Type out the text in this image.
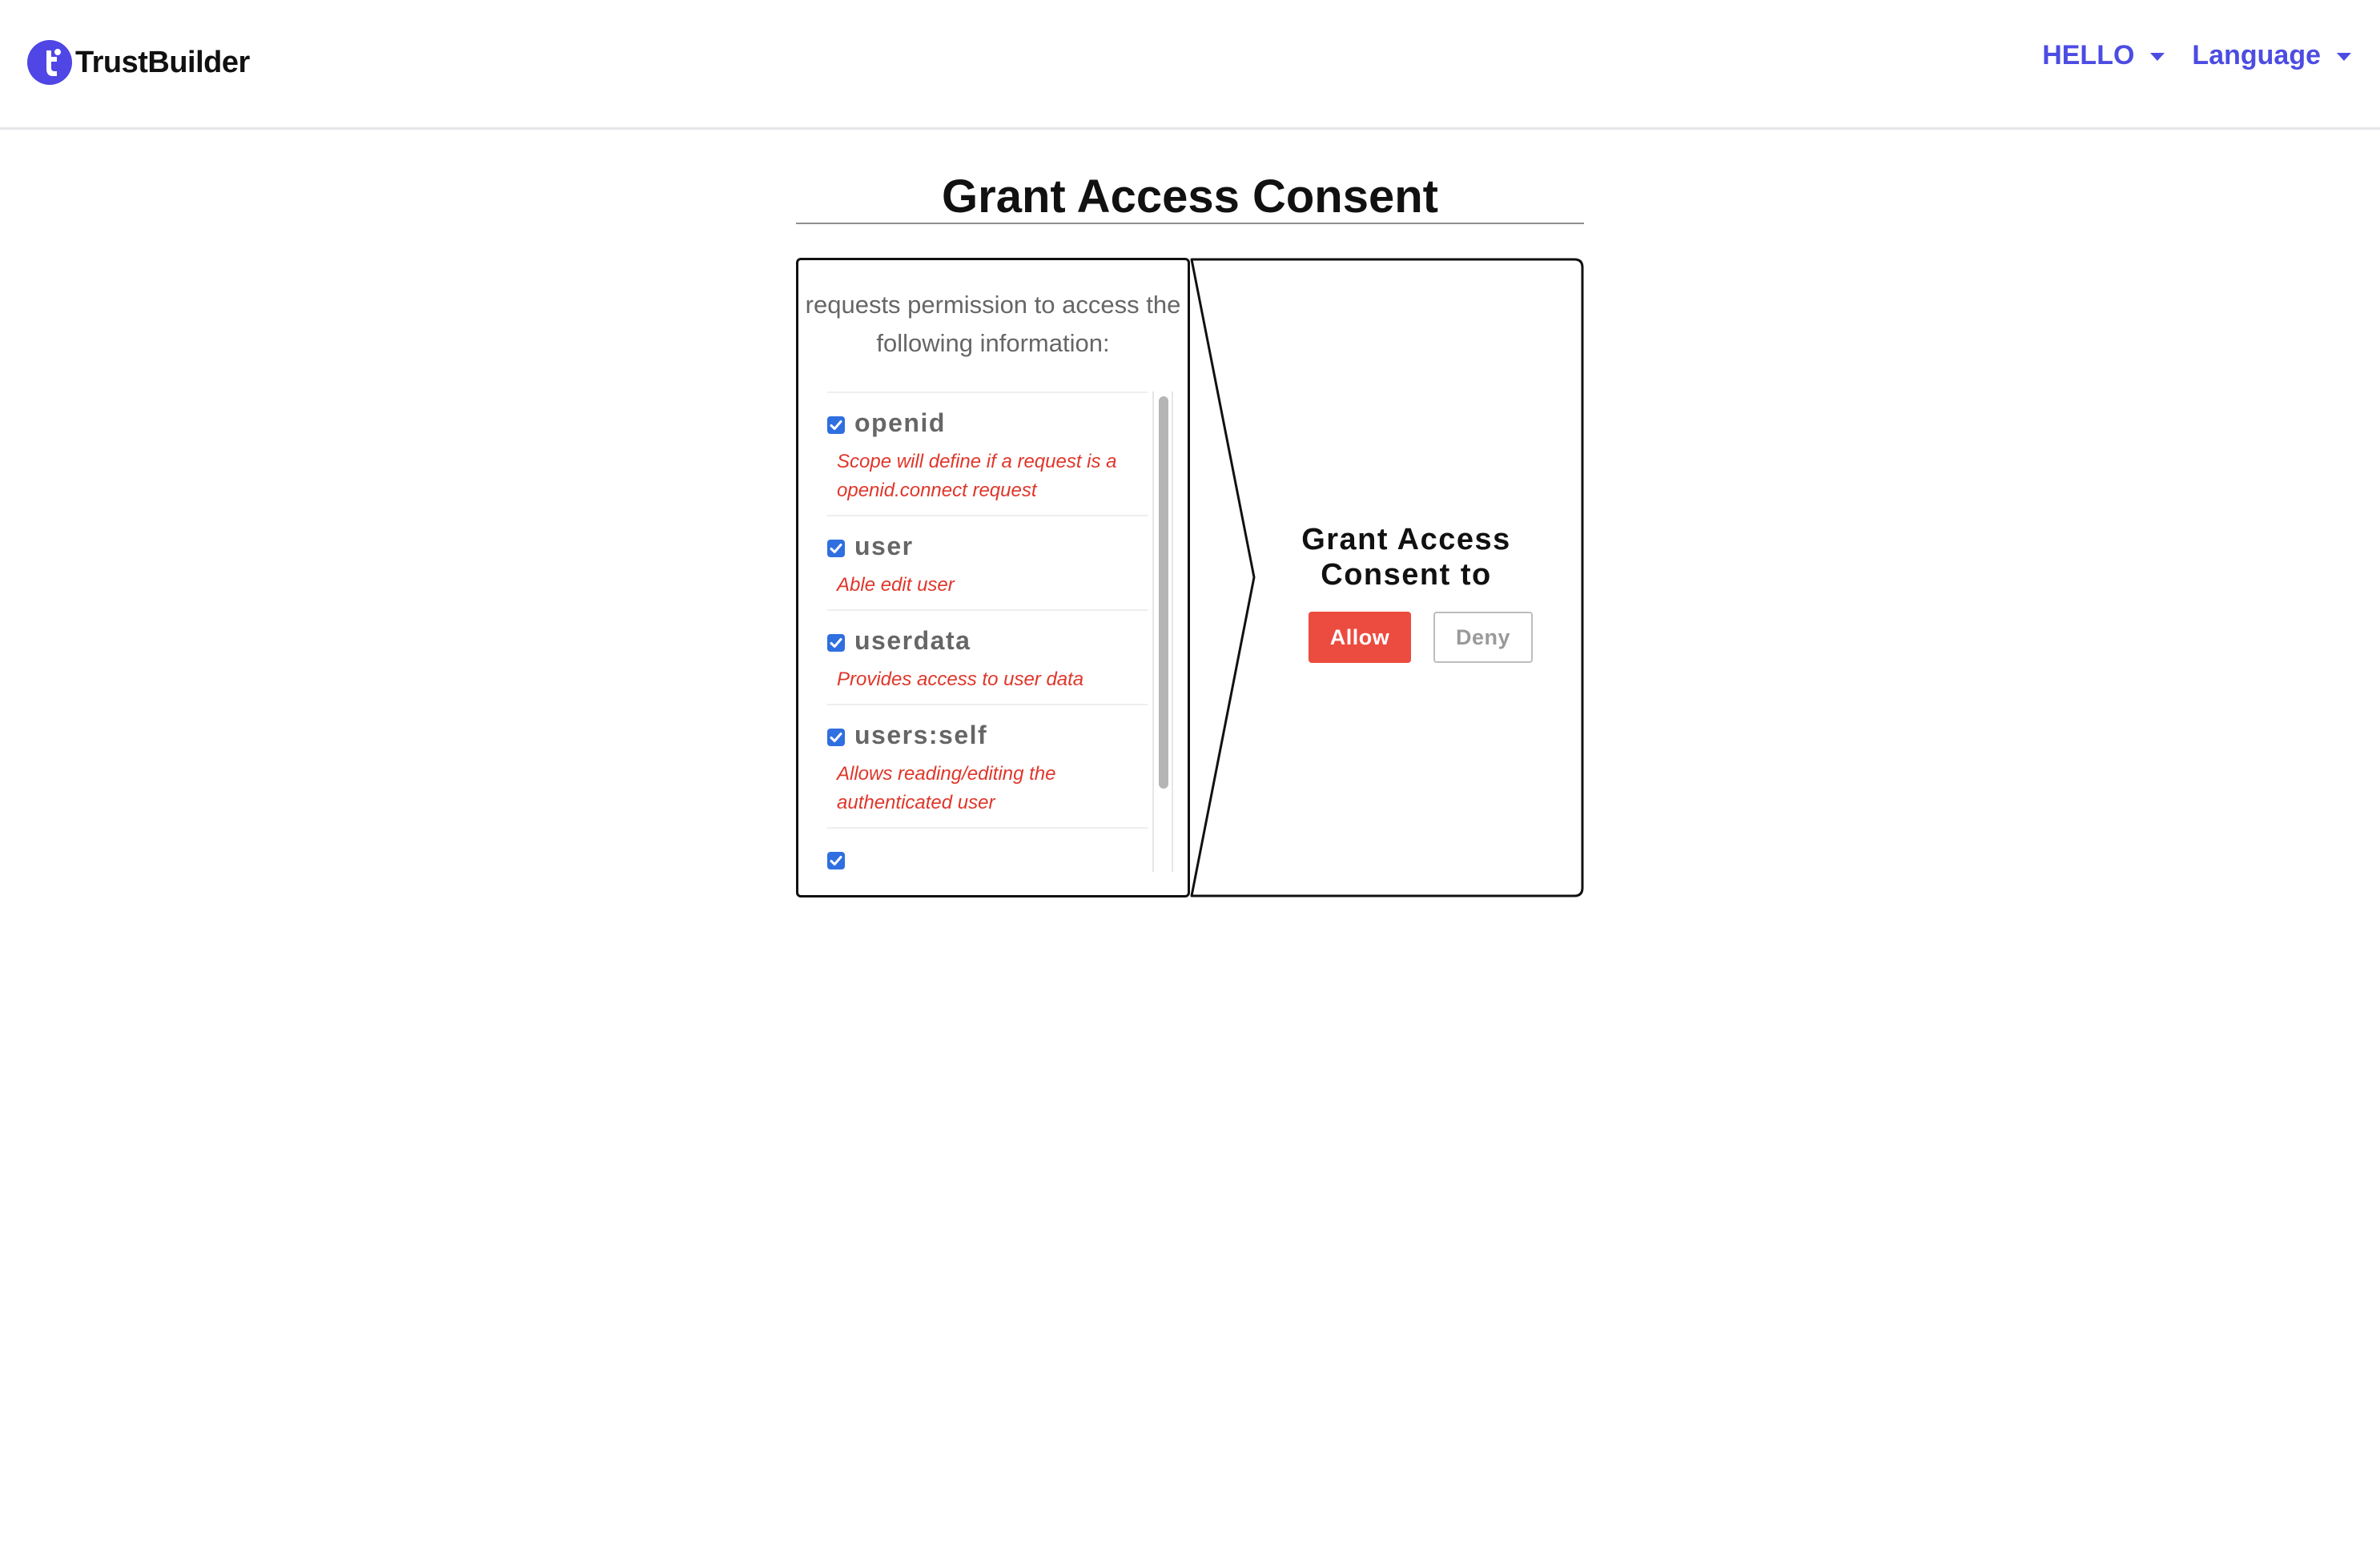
TrustBuilder	HELLO Language
Grant Access Consent
requests permission to access the following information:
openid
Scope will define if a request is a openid.connect request
user
Able edit user
userdata
Provides access to user data
users:self
Allows reading/editing the authenticated user
Grant Access Consent to
Allow	Deny
